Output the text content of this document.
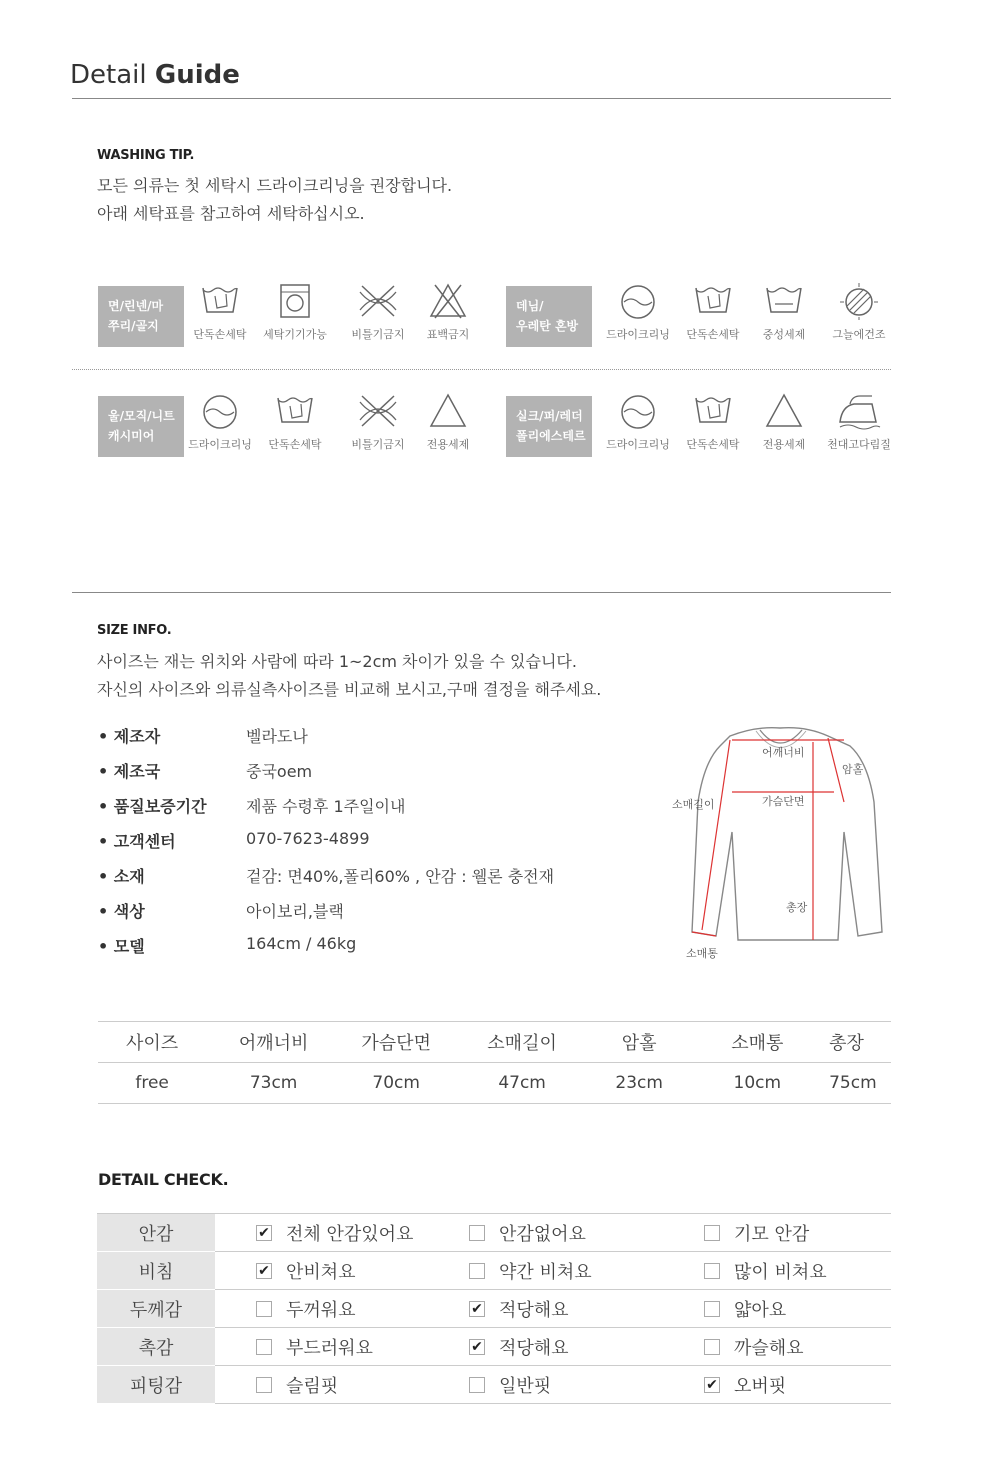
Detail Guide
WASHING TIP.
모든 의류는 첫 세탁시 드라이크리닝을 권장합니다.
아래 세탁표를 참고하여 세탁하십시오.
면/린넨/마
쭈리/골지
단독손세탁	세탁기기가능	비틀기금지	표백금지
데님/
우레탄 혼방
드라이크리닝	단독손세탁	중성세제	그늘에건조
울/모직/니트
캐시미어
드라이크리닝	단독손세탁	비틀기금지	전용세제
실크/퍼/레더
폴리에스테르
드라이크리닝	단독손세탁	전용세제	천대고다림질
SIZE INFO.
사이즈는 재는 위치와 사람에 따라 1~2cm 차이가 있을 수 있습니다.
자신의 사이즈와 의류실측사이즈를 비교해 보시고,구매 결정을 해주세요.
• 제조자	벨라도나
• 제조국	중국oem
• 품질보증기간 제품 수령후 1주일이내
• 고객센터	070-7623-4899
• 소재	겉감: 면40%,폴리60% , 안감 : 웰론 충전재
• 색상	아이보리,블랙
• 모델	164cm / 46kg
어깨너비
암홀
소매길이	가슴단면
총장
소매통
사이즈	어깨너비	가슴단면	소매길이	암홀	소매통	총장
free	73cm	70cm	47cm	23cm	10cm	75cm
DETAIL CHECK.
안감	✔ 전체 안감있어요	안감없어요	기모 안감

비침	✔ 안비쳐요	약간 비쳐요	많이 비쳐요

두께감	두꺼워요	✔ 적당해요	얇아요

촉감	부드러워요	✔ 적당해요	까슬해요

피팅감	슬림핏	일반핏	✔ 오버핏
